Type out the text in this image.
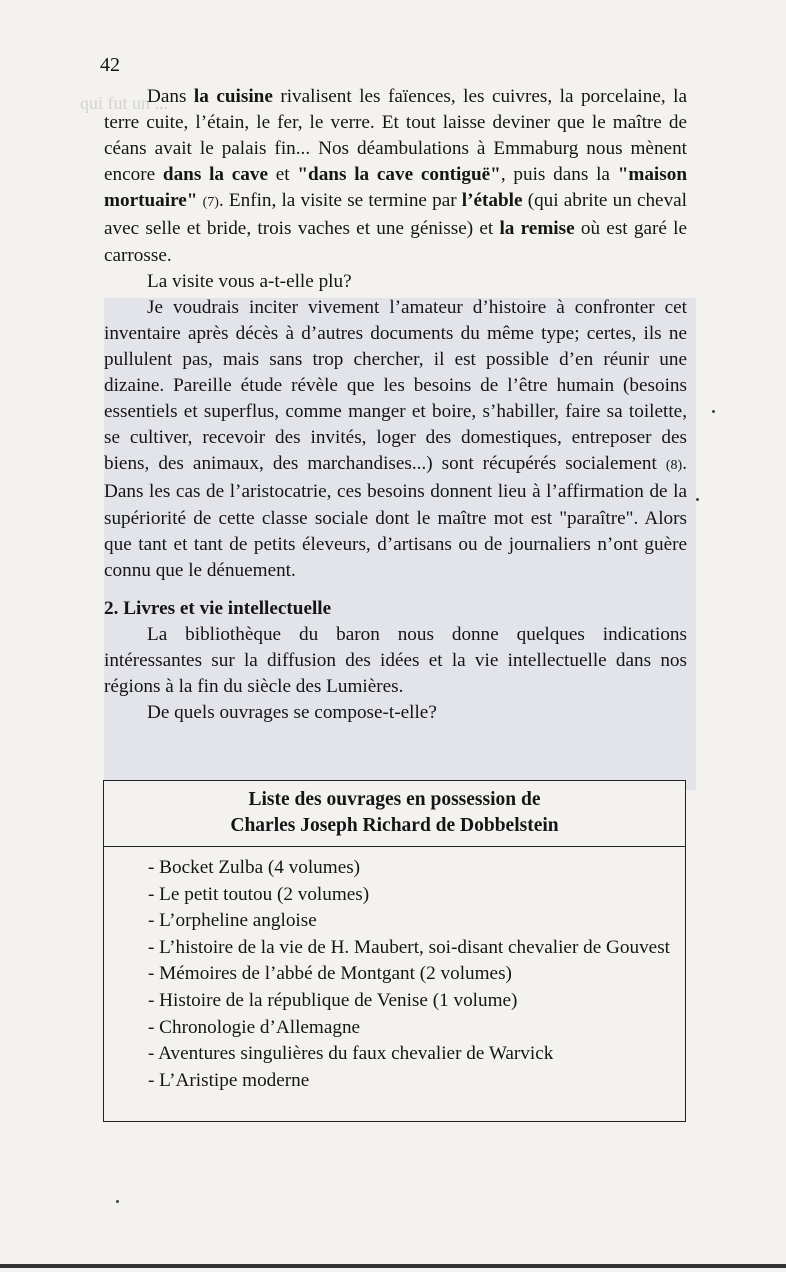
qui fut un ...
42

Dans la cuisine rivalisent les faïences, les cuivres, la porcelaine, la terre cuite, l’étain, le fer, le verre. Et tout laisse deviner que le maître de céans avait le palais fin... Nos déambulations à Emmaburg nous mènent encore dans la cave et "dans la cave contiguë", puis dans la "maison mortuaire" (7). Enfin, la visite se termine par l’étable (qui abrite un cheval avec selle et bride, trois vaches et une génisse) et la remise où est garé le carrosse.

La visite vous a-t-elle plu?

Je voudrais inciter vivement l’amateur d’histoire à confronter cet inventaire après décès à d’autres documents du même type; certes, ils ne pullulent pas, mais sans trop chercher, il est possible d’en réunir une dizaine. Pareille étude révèle que les besoins de l’être humain (besoins essentiels et superflus, comme manger et boire, s’habiller, faire sa toilette, se cultiver, recevoir des invités, loger des domestiques, entreposer des biens, des animaux, des marchandises...) sont récupérés socialement (8). Dans les cas de l’aristocatrie, ces besoins donnent lieu à l’affirmation de la supériorité de cette classe sociale dont le maître mot est "paraître". Alors que tant et tant de petits éleveurs, d’artisans ou de journaliers n’ont guère connu que le dénuement.

2. Livres et vie intellectuelle

La bibliothèque du baron nous donne quelques indications intéressantes sur la diffusion des idées et la vie intellectuelle dans nos régions à la fin du siècle des Lumières.

De quels ouvrages se compose-t-elle?

Liste des ouvrages en possession de
Charles Joseph Richard de Dobbelstein
- Bocket Zulba (4 volumes)
- Le petit toutou (2 volumes)
- L’orpheline angloise
- L’histoire de la vie de H. Maubert, soi-disant chevalier de Gouvest
- Mémoires de l’abbé de Montgant (2 volumes)
- Histoire de la république de Venise (1 volume)
- Chronologie d’Allemagne
- Aventures singulières du faux chevalier de Warvick
- L’Aristipe moderne
